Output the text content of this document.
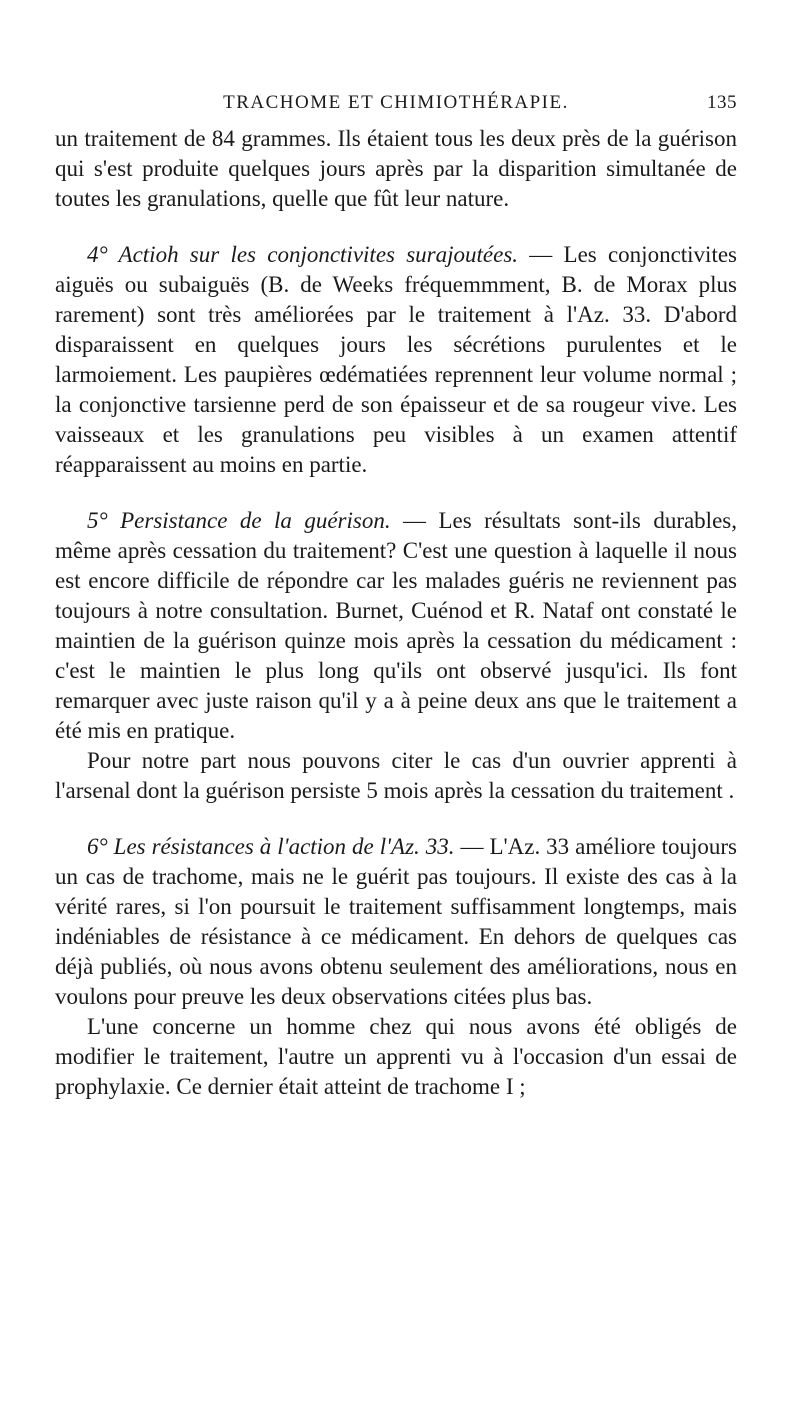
TRACHOME ET CHIMIOTHÉRAPIE.	135

un traitement de 84 grammes. Ils étaient tous les deux près de la guérison qui s'est produite quelques jours après par la disparition simultanée de toutes les granulations, quelle que fût leur nature.

4° Actioh sur les conjonctivites surajoutées. — Les conjonctivites aiguës ou subaiguës (B. de Weeks fréquemmment, B. de Morax plus rarement) sont très améliorées par le traitement à l'Az. 33. D'abord disparaissent en quelques jours les sécrétions purulentes et le larmoiement. Les paupières œdématiées reprennent leur volume normal ; la conjonctive tarsienne perd de son épaisseur et de sa rougeur vive. Les vaisseaux et les granulations peu visibles à un examen attentif réapparaissent au moins en partie.

5° Persistance de la guérison. — Les résultats sont-ils durables, même après cessation du traitement? C'est une question à laquelle il nous est encore difficile de répondre car les malades guéris ne reviennent pas toujours à notre consultation. Burnet, Cuénod et R. Nataf ont constaté le maintien de la guérison quinze mois après la cessation du médicament : c'est le maintien le plus long qu'ils ont observé jusqu'ici. Ils font remarquer avec juste raison qu'il y a à peine deux ans que le traitement a été mis en pratique.

Pour notre part nous pouvons citer le cas d'un ouvrier apprenti à l'arsenal dont la guérison persiste 5 mois après la cessation du traitement .

6° Les résistances à l'action de l'Az. 33. — L'Az. 33 améliore toujours un cas de trachome, mais ne le guérit pas toujours. Il existe des cas à la vérité rares, si l'on poursuit le traitement suffisamment longtemps, mais indéniables de résistance à ce médicament. En dehors de quelques cas déjà publiés, où nous avons obtenu seulement des améliorations, nous en voulons pour preuve les deux observations citées plus bas.

L'une concerne un homme chez qui nous avons été obligés de modifier le traitement, l'autre un apprenti vu à l'occasion d'un essai de prophylaxie. Ce dernier était atteint de trachome I ;
